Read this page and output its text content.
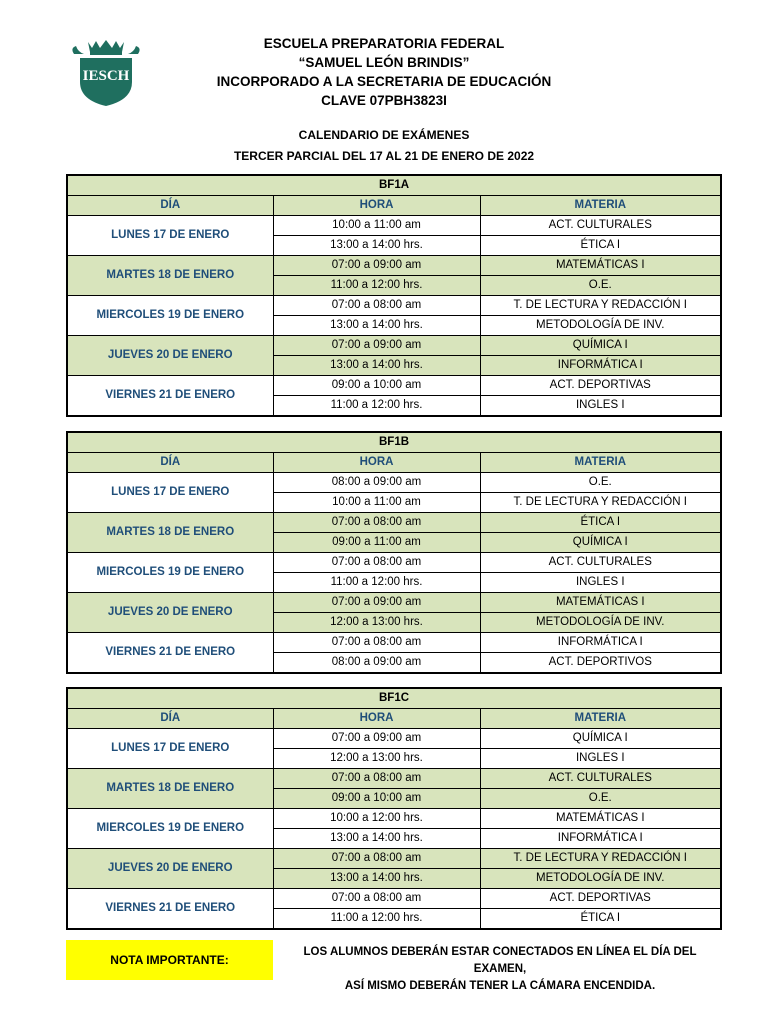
IESCH
ESCUELA PREPARATORIA FEDERAL
“SAMUEL LEÓN BRINDIS”
INCORPORADO A LA SECRETARIA DE EDUCACIÓN
CLAVE 07PBH3823I
CALENDARIO DE EXÁMENES
TERCER PARCIAL DEL 17 AL 21 DE ENERO DE 2022
BF1A		
DÍA	HORA	MATERIA
LUNES 17 DE ENERO	10:00 a 11:00 am	ACT. CULTURALES
	13:00 a 14:00 hrs.	ÉTICA I
MARTES 18 DE ENERO	07:00 a 09:00 am	MATEMÁTICAS I
	11:00 a 12:00 hrs.	O.E.
MIERCOLES 19 DE ENERO	07:00 a 08:00 am	T. DE LECTURA Y REDACCIÓN I
	13:00 a 14:00 hrs.	METODOLOGÍA DE INV.
JUEVES 20 DE ENERO	07:00 a 09:00 am	QUÍMICA I
	13:00 a 14:00 hrs.	INFORMÁTICA I
VIERNES 21 DE ENERO	09:00 a 10:00 am	ACT. DEPORTIVAS
	11:00 a 12:00 hrs.	INGLES I
BF1B		
DÍA	HORA	MATERIA
LUNES 17 DE ENERO	08:00 a 09:00 am	O.E.
	10:00 a 11:00 am	T. DE LECTURA Y REDACCIÓN I
MARTES 18 DE ENERO	07:00 a 08:00 am	ÉTICA I
	09:00 a 11:00 am	QUÍMICA I
MIERCOLES 19 DE ENERO	07:00 a 08:00 am	ACT. CULTURALES
	11:00 a 12:00 hrs.	INGLES I
JUEVES 20 DE ENERO	07:00 a 09:00 am	MATEMÁTICAS I
	12:00 a 13:00 hrs.	METODOLOGÍA DE INV.
VIERNES 21 DE ENERO	07:00 a 08:00 am	INFORMÁTICA I
	08:00 a 09:00 am	ACT. DEPORTIVOS
BF1C		
DÍA	HORA	MATERIA
LUNES 17 DE ENERO	07:00 a 09:00 am	QUÍMICA I
	12:00 a 13:00 hrs.	INGLES I
MARTES 18 DE ENERO	07:00 a 08:00 am	ACT. CULTURALES
	09:00 a 10:00 am	O.E.
MIERCOLES 19 DE ENERO	10:00 a 12:00 hrs.	MATEMÁTICAS I
	13:00 a 14:00 hrs.	INFORMÁTICA I
JUEVES 20 DE ENERO	07:00 a 08:00 am	T. DE LECTURA Y REDACCIÓN I
	13:00 a 14:00 hrs.	METODOLOGÍA DE INV.
VIERNES 21 DE ENERO	07:00 a 08:00 am	ACT. DEPORTIVAS
	11:00 a 12:00 hrs.	ÉTICA I
NOTA IMPORTANTE:
LOS ALUMNOS DEBERÁN ESTAR CONECTADOS EN LÍNEA EL DÍA DEL EXAMEN,
ASÍ MISMO DEBERÁN TENER LA CÁMARA ENCENDIDA.
